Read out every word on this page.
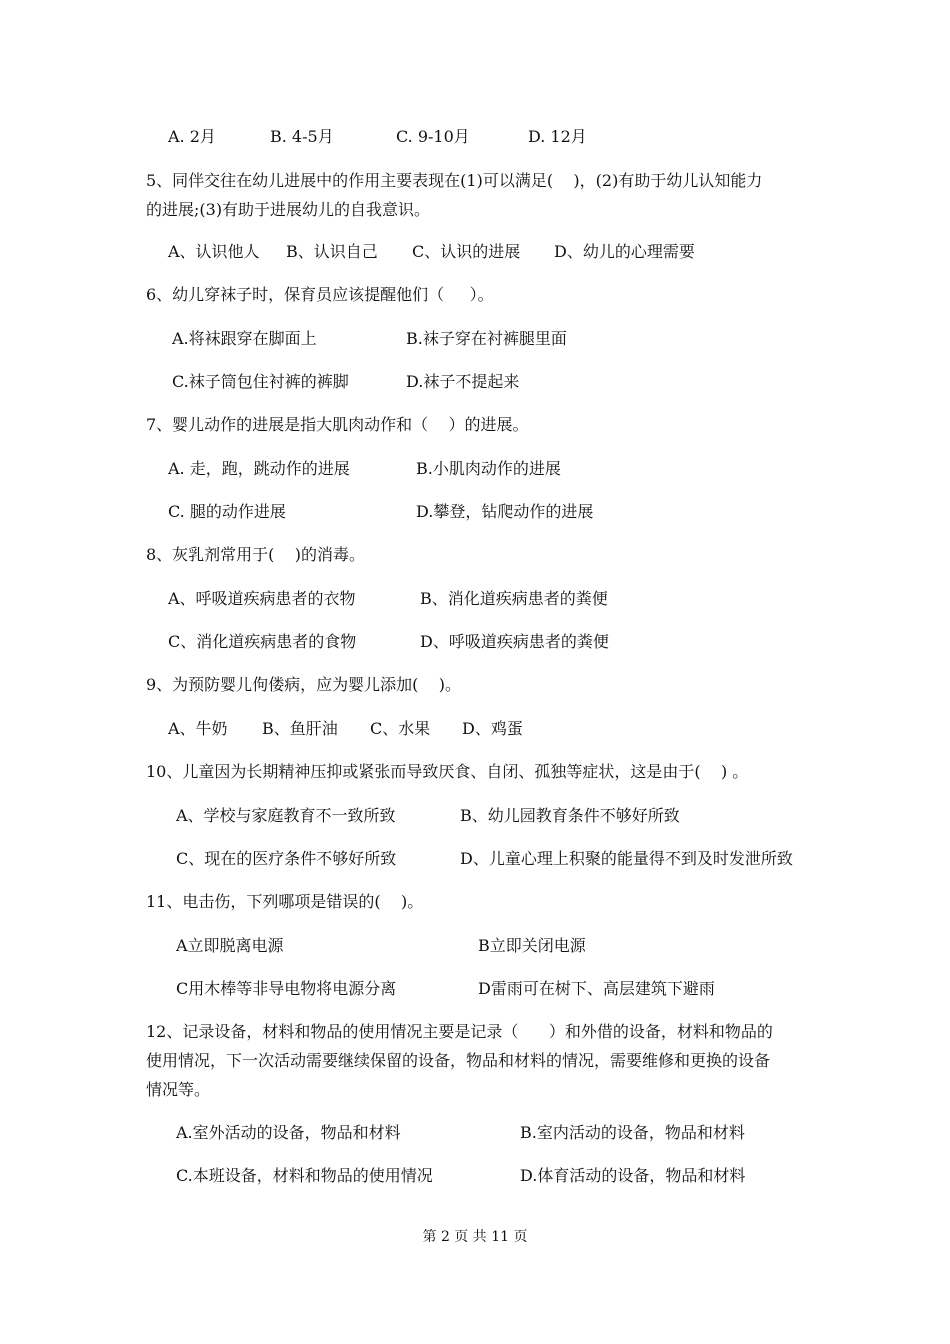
A. 2月	B. 4-5月	C. 9-10月	D. 12月
5、同伴交往在幼儿进展中的作用主要表现在(1)可以满足(    )，(2)有助于幼儿认知能力
的进展;(3)有助于进展幼儿的自我意识。
A、认识他人 B、认识自己 C、认识的进展 D、幼儿的心理需要
6、幼儿穿袜子时，保育员应该提醒他们（     ）。
A.将袜跟穿在脚面上	B.袜子穿在衬裤腿里面
C.袜子筒包住衬裤的裤脚	D.袜子不提起来
7、婴儿动作的进展是指大肌肉动作和（    ）的进展。
A. 走，跑，跳动作的进展	B.小肌肉动作的进展
C. 腿的动作进展	D.攀登，钻爬动作的进展
8、灰乳剂常用于(    )的消毒。
A、呼吸道疾病患者的衣物	B、消化道疾病患者的粪便
C、消化道疾病患者的食物	D、呼吸道疾病患者的粪便
9、为预防婴儿佝偻病，应为婴儿添加(    )。
A、牛奶 B、鱼肝油 C、水果 D、鸡蛋
10、儿童因为长期精神压抑或紧张而导致厌食、自闭、孤独等症状，这是由于(    ) 。
A、学校与家庭教育不一致所致	B、幼儿园教育条件不够好所致
C、现在的医疗条件不够好所致	D、儿童心理上积聚的能量得不到及时发泄所致
11、电击伤，下列哪项是错误的(    )。
A立即脱离电源	B立即关闭电源
C用木棒等非导电物将电源分离	D雷雨可在树下、高层建筑下避雨
12、记录设备，材料和物品的使用情况主要是记录（      ）和外借的设备，材料和物品的
使用情况，下一次活动需要继续保留的设备，物品和材料的情况，需要维修和更换的设备
情况等。
A.室外活动的设备，物品和材料	B.室内活动的设备，物品和材料
C.本班设备，材料和物品的使用情况	D.体育活动的设备，物品和材料
第 2 页 共 11 页
